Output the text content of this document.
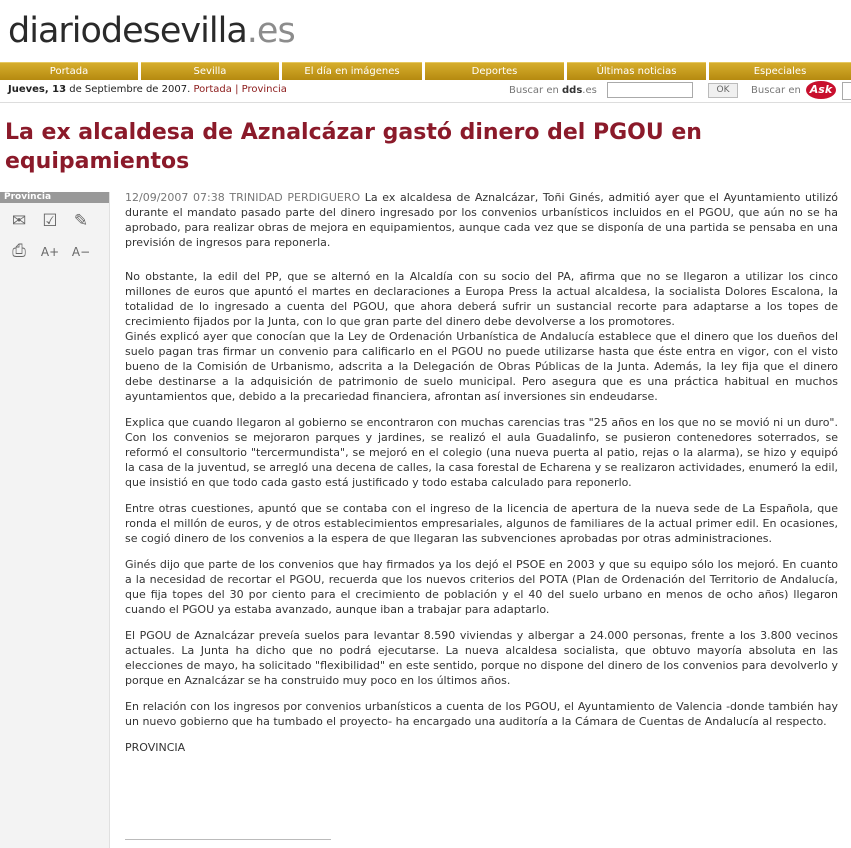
diariodesevilla.es
Portada	Sevilla	El día en imágenes	Deportes	Últimas noticias	Especiales
Jueves, 13 de Septiembre de 2007. Portada | Provincia	Buscar en dds.es	OK	Buscar en Ask
La ex alcaldesa de Aznalcázar gastó dinero del PGOU en equipamientos
Provincia
✉ ☑ ✎
⎙ A+ A−

12/09/2007 07:38 TRINIDAD PERDIGUERO La ex alcaldesa de Aznalcázar, Toñi Ginés, admitió ayer que el Ayuntamiento utilizó durante el mandato pasado parte del dinero ingresado por los convenios urbanísticos incluidos en el PGOU, que aún no se ha aprobado, para realizar obras de mejora en equipamientos, aunque cada vez que se disponía de una partida se pensaba en una previsión de ingresos para reponerla.

No obstante, la edil del PP, que se alternó en la Alcaldía con su socio del PA, afirma que no se llegaron a utilizar los cinco millones de euros que apuntó el martes en declaraciones a Europa Press la actual alcaldesa, la socialista Dolores Escalona, la totalidad de lo ingresado a cuenta del PGOU, que ahora deberá sufrir un sustancial recorte para adaptarse a los topes de crecimiento fijados por la Junta, con lo que gran parte del dinero debe devolverse a los promotores.

Ginés explicó ayer que conocían que la Ley de Ordenación Urbanística de Andalucía establece que el dinero que los dueños del suelo pagan tras firmar un convenio para calificarlo en el PGOU no puede utilizarse hasta que éste entra en vigor, con el visto bueno de la Comisión de Urbanismo, adscrita a la Delegación de Obras Públicas de la Junta. Además, la ley fija que el dinero debe destinarse a la adquisición de patrimonio de suelo municipal. Pero asegura que es una práctica habitual en muchos ayuntamientos que, debido a la precariedad financiera, afrontan así inversiones sin endeudarse.

Explica que cuando llegaron al gobierno se encontraron con muchas carencias tras "25 años en los que no se movió ni un duro". Con los convenios se mejoraron parques y jardines, se realizó el aula Guadalinfo, se pusieron contenedores soterrados, se reformó el consultorio "tercermundista", se mejoró en el colegio (una nueva puerta al patio, rejas o la alarma), se hizo y equipó la casa de la juventud, se arregló una decena de calles, la casa forestal de Echarena y se realizaron actividades, enumeró la edil, que insistió en que todo cada gasto está justificado y todo estaba calculado para reponerlo.

Entre otras cuestiones, apuntó que se contaba con el ingreso de la licencia de apertura de la nueva sede de La Española, que ronda el millón de euros, y de otros establecimientos empresariales, algunos de familiares de la actual primer edil. En ocasiones, se cogió dinero de los convenios a la espera de que llegaran las subvenciones aprobadas por otras administraciones.

Ginés dijo que parte de los convenios que hay firmados ya los dejó el PSOE en 2003 y que su equipo sólo los mejoró. En cuanto a la necesidad de recortar el PGOU, recuerda que los nuevos criterios del POTA (Plan de Ordenación del Territorio de Andalucía, que fija topes del 30 por ciento para el crecimiento de población y el 40 del suelo urbano en menos de ocho años) llegaron cuando el PGOU ya estaba avanzado, aunque iban a trabajar para adaptarlo.

El PGOU de Aznalcázar preveía suelos para levantar 8.590 viviendas y albergar a 24.000 personas, frente a los 3.800 vecinos actuales. La Junta ha dicho que no podrá ejecutarse. La nueva alcaldesa socialista, que obtuvo mayoría absoluta en las elecciones de mayo, ha solicitado "flexibilidad" en este sentido, porque no dispone del dinero de los convenios para devolverlo y porque en Aznalcázar se ha construido muy poco en los últimos años.

En relación con los ingresos por convenios urbanísticos a cuenta de los PGOU, el Ayuntamiento de Valencia -donde también hay un nuevo gobierno que ha tumbado el proyecto- ha encargado una auditoría a la Cámara de Cuentas de Andalucía al respecto.

PROVINCIA
